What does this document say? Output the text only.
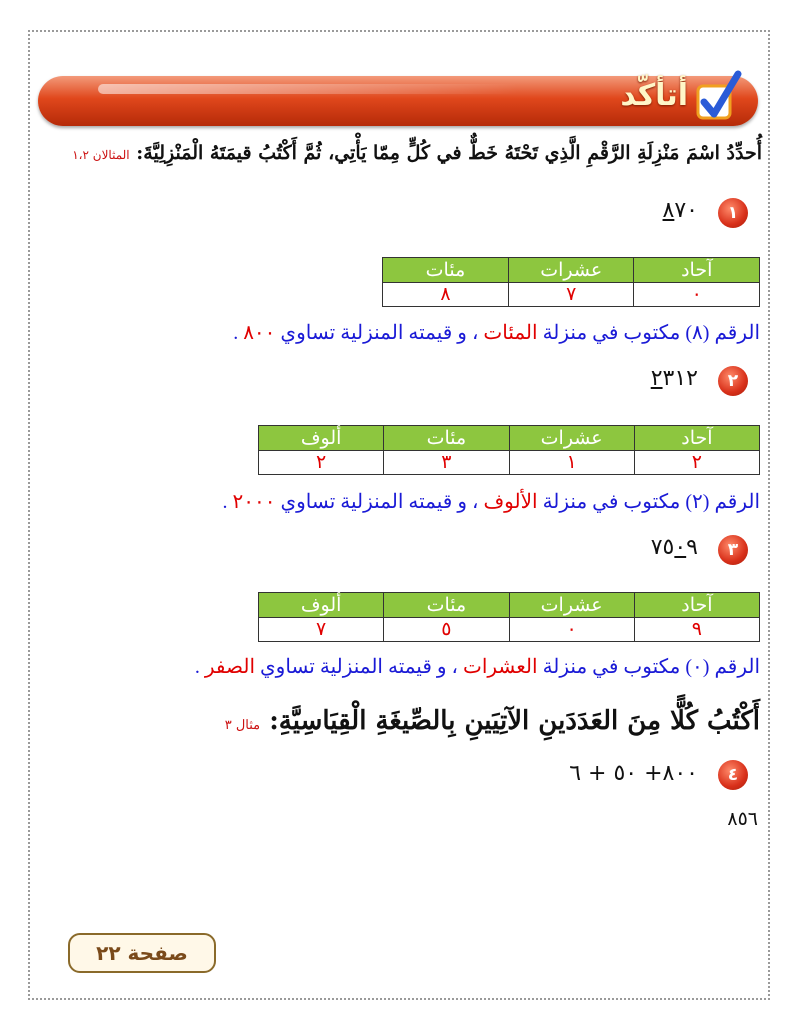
أتأكّد
أُحدِّدُ اسْمَ مَنْزِلَةِ الرَّقْمِ الَّذِي تَحْتَهُ خَطٌّ في كُلٍّ مِمّا يَأْتِي، ثُمَّ أَكْتُبُ قيمَتَهُ الْمَنْزِلِيَّةَ: المثالان ١،٢
١
٨٧٠
آحاد	عشرات	مئات
٠	٧	٨
الرقم (٨) مكتوب في منزلة المئات ، و قيمته المنزلية تساوي ٨٠٠ .
٢
٢٣١٢
آحاد	عشرات	مئات	ألوف
٢	١	٣	٢
الرقم (٢) مكتوب في منزلة الألوف ، و قيمته المنزلية تساوي ٢٠٠٠ .
٣
٧٥٠٩
آحاد	عشرات	مئات	ألوف
٩	٠	٥	٧
الرقم (٠) مكتوب في منزلة العشرات ، و قيمته المنزلية تساوي الصفر .
أَكْتُبُ كُلًّا مِنَ العَدَدَينِ الآتِيَينِ بِالصِّيغَةِ الْقِيَاسِيَّةِ: مثال ٣
٤
٨٠٠+ ٥٠ + ٦
٨٥٦
صفحة ٢٢
